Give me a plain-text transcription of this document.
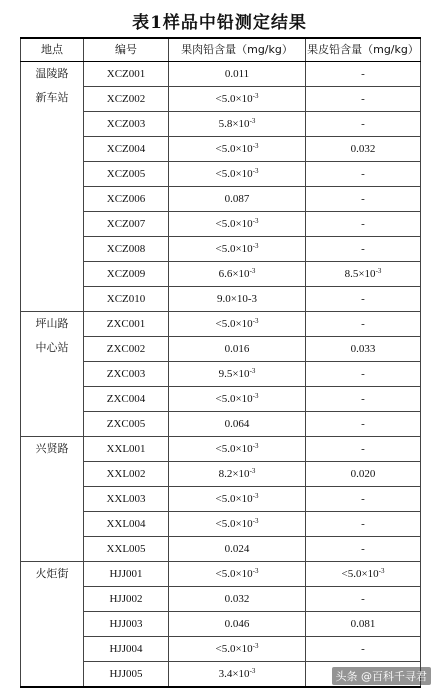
表1样品中铅测定结果
地点	编号	果肉铅含量（mg/kg）	果皮铅含量（mg/kg）

温陵路
新车站	XCZ001	0.011	-
	XCZ002	$<5.0\times 10^{-3}$	-
	XCZ003	$5.8\times 10^{-3}$	-
	XCZ004	$<5.0\times 10^{-3}$	0.032
	XCZ005	$<5.0\times 10^{-3}$	-
	XCZ006	0.087	-
	XCZ007	$<5.0\times 10^{-3}$	-
	XCZ008	$<5.0\times 10^{-3}$	-
	XCZ009	$6.6\times 10^{-3}$	$8.5\times 10^{-3}$
	XCZ010	9.0×10-3	-

坪山路
中心站	ZXC001	$<5.0\times 10^{-3}$	-
	ZXC002	0.016	0.033
	ZXC003	$9.5\times 10^{-3}$	-
	ZXC004	$<5.0\times 10^{-3}$	-
	ZXC005	0.064	-

兴贤路	XXL001	$<5.0\times 10^{-3}$	-
	XXL002	$8.2\times 10^{-3}$	0.020
	XXL003	$<5.0\times 10^{-3}$	-
	XXL004	$<5.0\times 10^{-3}$	-
	XXL005	0.024	-

火炬街	HJJ001	$<5.0\times 10^{-3}$	$<5.0\times 10^{-3}$
	HJJ002	0.032	-
	HJJ003	0.046	0.081
	HJJ004	$<5.0\times 10^{-3}$	-
	HJJ005	$3.4\times 10^{-3}$		头条 @百科千寻君
